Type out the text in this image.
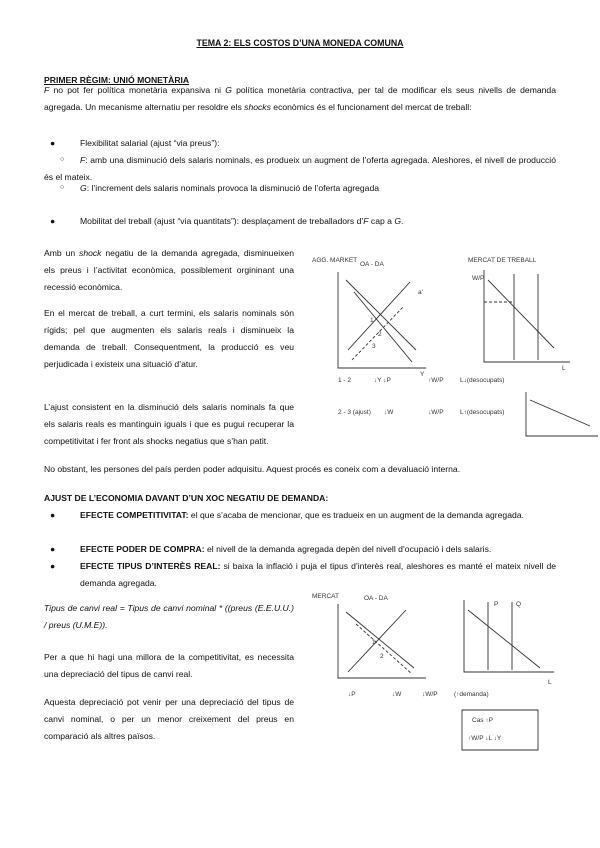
TEMA 2: ELS COSTOS D’UNA MONEDA COMUNA

PRIMER RÈGIM: UNIÓ MONETÀRIA

F no pot fer política monetària expansiva ni G política monetària contractiva, per tal de modificar els seus nivells de demanda agregada. Un mecanisme alternatiu per resoldre els shocks econòmics és el funcionament del mercat de treball:

●	Flexibilitat salarial (ajust “via preus”):
○	F: amb una disminució dels salaris nominals, es produeix un augment de l’oferta agregada. Aleshores, el nivell de producció és el mateix.
○	G: l’increment dels salaris nominals provoca la disminució de l’oferta agregada
●	Mobilitat del treball (ajust “via quantitats”): desplaçament de treballadors d’F cap a G.

Amb un shock negatiu de la demanda agregada, disminueixen els preus i l’activitat econòmica, possiblement orgininant una recessió econòmica.

En el mercat de treball, a curt termini, els salaris nominals són rígids; pel que augmenten els salaris reals i disminueix la demanda de treball. Consequentment, la producció es veu perjudicada i existeix una situació d’atur.

L’ajust consistent en la disminució dels salaris nominals fa que els salaris reals es mantinguin iguals i que es pugui recuperar la competitivitat i fer front als shocks negatius que s’han patit.

No obstant, les persones del país perden poder adquisitu. Aquest procés es coneix com a devaluació interna.

AGG. MARKET
OA - DA
a'
1
2
3
Y
MERCAT DE TREBALL
W/P
L
1 - 2	↓Y ↓P	↑W/P	L↓(desocupats)
2 - 3 (ajust) ↓W	↓W/P	L↑(desocupats)

AJUST DE L’ECONOMIA DAVANT D’UN XOC NEGATIU DE DEMANDA:

●	EFECTE COMPETITIVITAT: el que s’acaba de mencionar, que es tradueix en un augment de la demanda agregada.
●	EFECTE PODER DE COMPRA: el nivell de la demanda agregada depèn del nivell d’ocupació i dels salaris.
●	EFECTE TIPUS D’INTERÈS REAL: si baixa la inflació i puja el tipus d’interès real, aleshores es manté el mateix nivell de demanda agregada.

Tipus de canvi real = Tipus de canvi nominal * ((preus (E.E.U.U.) / preus (U.M.E)).

Per a que hi hagi una millora de la competitivitat, es necessita una depreciació del tipus de canvi real.

Aquesta depreciació pot venir per una depreciació del tipus de canvi nominal, o per un menor creixement del preus en comparació als altres països.

MERCAT	OA - DA
1
2
P	Q
L
↓P	↓W	↓W/P	(↑demanda)
Cas ↑P
↑W/P ↓L ↓Y
